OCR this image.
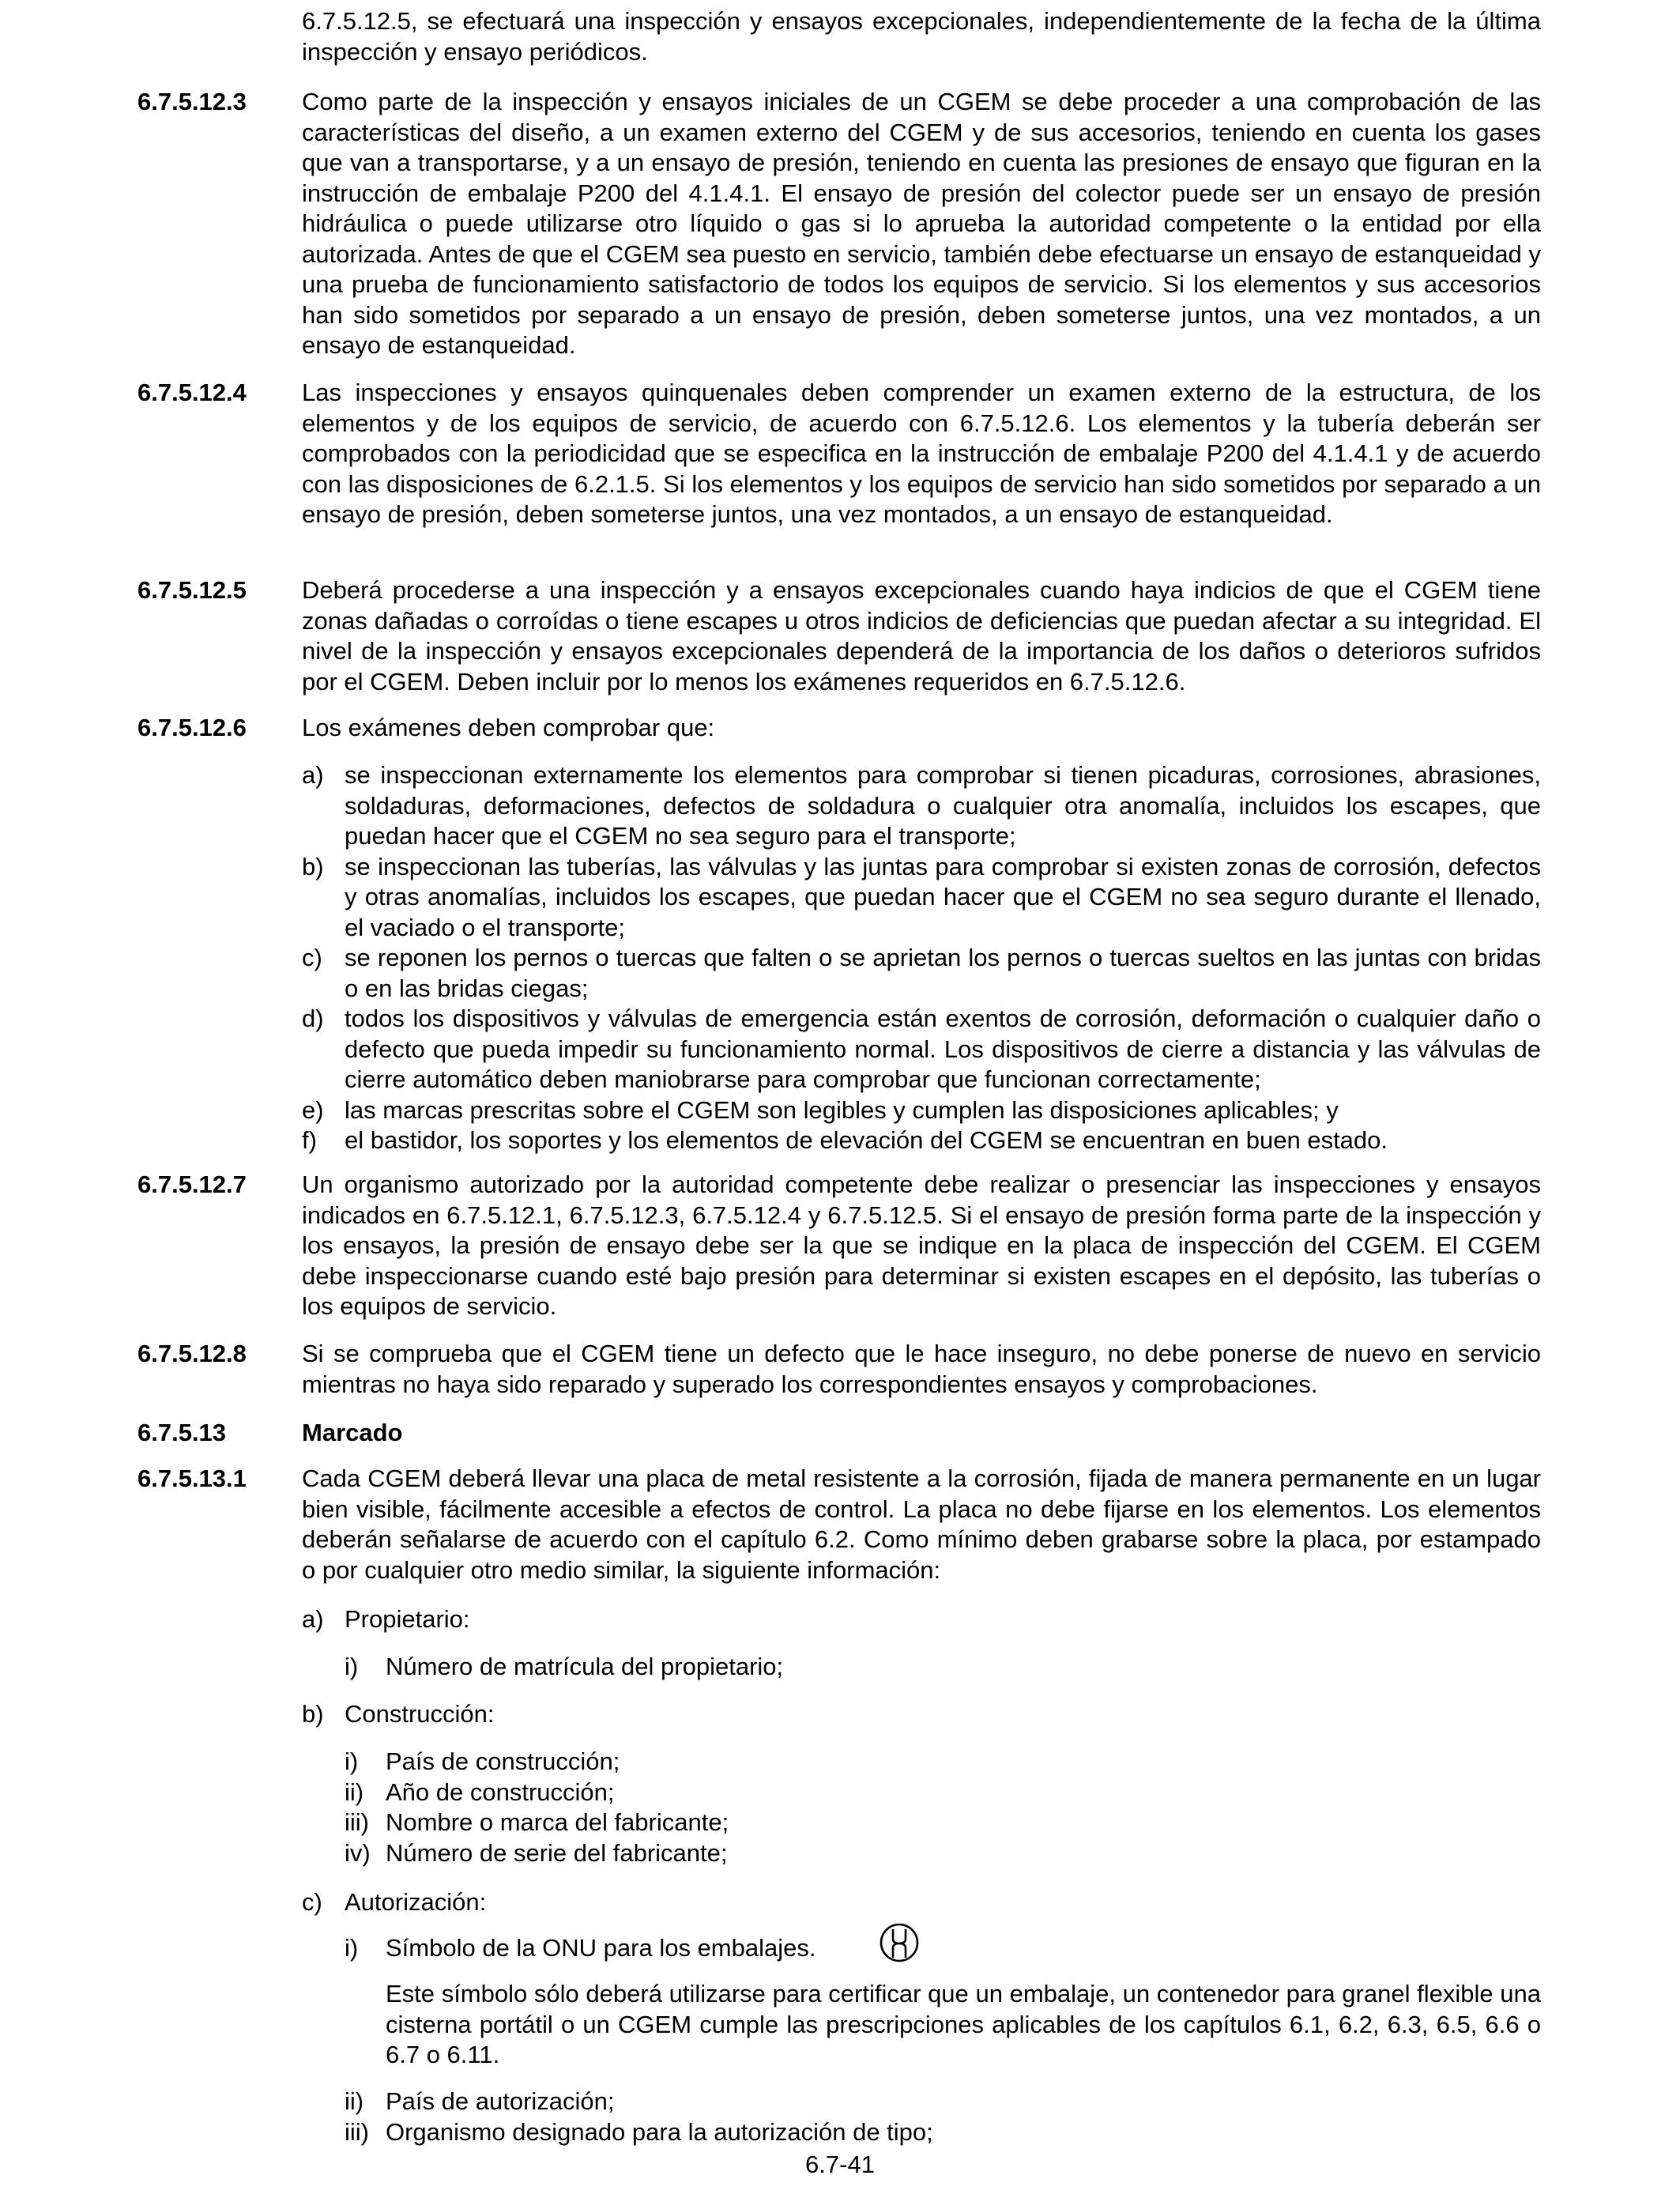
6.7.5.12.5, se efectuará una inspección y ensayos excepcionales, independientemente de la fecha de la última inspección y ensayo periódicos.
6.7.5.12.3 Como parte de la inspección y ensayos iniciales de un CGEM se debe proceder a una comprobación de las características del diseño, a un examen externo del CGEM y de sus accesorios, teniendo en cuenta los gases que van a transportarse, y a un ensayo de presión, teniendo en cuenta las presiones de ensayo que figuran en la instrucción de embalaje P200 del 4.1.4.1. El ensayo de presión del colector puede ser un ensayo de presión hidráulica o puede utilizarse otro líquido o gas si lo aprueba la autoridad competente o la entidad por ella autorizada. Antes de que el CGEM sea puesto en servicio, también debe efectuarse un ensayo de estanqueidad y una prueba de funcionamiento satisfactorio de todos los equipos de servicio. Si los elementos y sus accesorios han sido sometidos por separado a un ensayo de presión, deben someterse juntos, una vez montados, a un ensayo de estanqueidad.
6.7.5.12.4 Las inspecciones y ensayos quinquenales deben comprender un examen externo de la estructura, de los elementos y de los equipos de servicio, de acuerdo con 6.7.5.12.6. Los elementos y la tubería deberán ser comprobados con la periodicidad que se especifica en la instrucción de embalaje P200 del 4.1.4.1 y de acuerdo con las disposiciones de 6.2.1.5. Si los elementos y los equipos de servicio han sido sometidos por separado a un ensayo de presión, deben someterse juntos, una vez montados, a un ensayo de estanqueidad.
6.7.5.12.5 Deberá procederse a una inspección y a ensayos excepcionales cuando haya indicios de que el CGEM tiene zonas dañadas o corroídas o tiene escapes u otros indicios de deficiencias que puedan afectar a su integridad. El nivel de la inspección y ensayos excepcionales dependerá de la importancia de los daños o deterioros sufridos por el CGEM. Deben incluir por lo menos los exámenes requeridos en 6.7.5.12.6.
6.7.5.12.6 Los exámenes deben comprobar que:
a) se inspeccionan externamente los elementos para comprobar si tienen picaduras, corrosiones, abrasiones, soldaduras, deformaciones, defectos de soldadura o cualquier otra anomalía, incluidos los escapes, que puedan hacer que el CGEM no sea seguro para el transporte;
b) se inspeccionan las tuberías, las válvulas y las juntas para comprobar si existen zonas de corrosión, defectos y otras anomalías, incluidos los escapes, que puedan hacer que el CGEM no sea seguro durante el llenado, el vaciado o el transporte;
c) se reponen los pernos o tuercas que falten o se aprietan los pernos o tuercas sueltos en las juntas con bridas o en las bridas ciegas;
d) todos los dispositivos y válvulas de emergencia están exentos de corrosión, deformación o cualquier daño o defecto que pueda impedir su funcionamiento normal. Los dispositivos de cierre a distancia y las válvulas de cierre automático deben maniobrarse para comprobar que funcionan correctamente;
e) las marcas prescritas sobre el CGEM son legibles y cumplen las disposiciones aplicables; y
f) el bastidor, los soportes y los elementos de elevación del CGEM se encuentran en buen estado.
6.7.5.12.7 Un organismo autorizado por la autoridad competente debe realizar o presenciar las inspecciones y ensayos indicados en 6.7.5.12.1, 6.7.5.12.3, 6.7.5.12.4 y 6.7.5.12.5. Si el ensayo de presión forma parte de la inspección y los ensayos, la presión de ensayo debe ser la que se indique en la placa de inspección del CGEM. El CGEM debe inspeccionarse cuando esté bajo presión para determinar si existen escapes en el depósito, las tuberías o los equipos de servicio.
6.7.5.12.8 Si se comprueba que el CGEM tiene un defecto que le hace inseguro, no debe ponerse de nuevo en servicio mientras no haya sido reparado y superado los correspondientes ensayos y comprobaciones.
6.7.5.13	Marcado
6.7.5.13.1 Cada CGEM deberá llevar una placa de metal resistente a la corrosión, fijada de manera permanente en un lugar bien visible, fácilmente accesible a efectos de control. La placa no debe fijarse en los elementos. Los elementos deberán señalarse de acuerdo con el capítulo 6.2. Como mínimo deben grabarse sobre la placa, por estampado o por cualquier otro medio similar, la siguiente información:
a) Propietario:
i) Número de matrícula del propietario;
b) Construcción:
i) País de construcción;
ii) Año de construcción;
iii) Nombre o marca del fabricante;
iv) Número de serie del fabricante;
c) Autorización:
i) Símbolo de la ONU para los embalajes.
Este símbolo sólo deberá utilizarse para certificar que un embalaje, un contenedor para granel flexible una cisterna portátil o un CGEM cumple las prescripciones aplicables de los capítulos 6.1, 6.2, 6.3, 6.5, 6.6 o 6.7 o 6.11.
ii) País de autorización;
iii) Organismo designado para la autorización de tipo;
6.7-41
